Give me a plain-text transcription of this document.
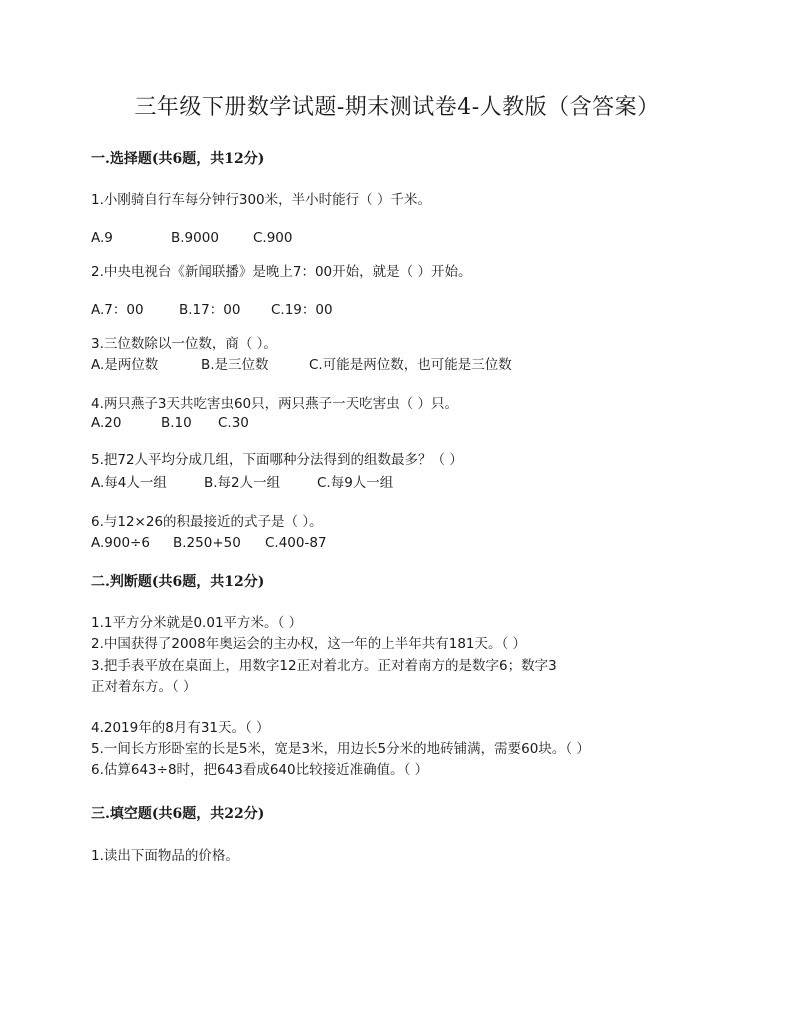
三年级下册数学试题-期末测试卷4-人教版（含答案）
一.选择题(共6题，共12分)
1.小刚骑自行车每分钟行300米，半小时能行（ ）千米。
A.9	B.9000	C.900
2.中央电视台《新闻联播》是晚上7：00开始，就是（ ）开始。
A.7：00	B.17：00 C.19：00
3.三位数除以一位数，商（ ）。
A.是两位数	B.是三位数	C.可能是两位数，也可能是三位数
4.两只燕子3天共吃害虫60只，两只燕子一天吃害虫（ ）只。
A.20	B.10 C.30
5.把72人平均分成几组，下面哪种分法得到的组数最多？（ ）
A.每4人一组	B.每2人一组	C.每9人一组
6.与12×26的积最接近的式子是（ ）。
A.900÷6 B.250+50 C.400-87
二.判断题(共6题，共12分)
1.1平方分米就是0.01平方米。（ ）
2.中国获得了2008年奥运会的主办权，这一年的上半年共有181天。（ ）
3.把手表平放在桌面上，用数字12正对着北方。正对着南方的是数字6；数字3
正对着东方。（ ）
4.2019年的8月有31天。（ ）
5.一间长方形卧室的长是5米，宽是3米，用边长5分米的地砖铺满，需要60块。（ ）
6.估算643÷8时，把643看成640比较接近准确值。（ ）
三.填空题(共6题，共22分)
1.读出下面物品的价格。
